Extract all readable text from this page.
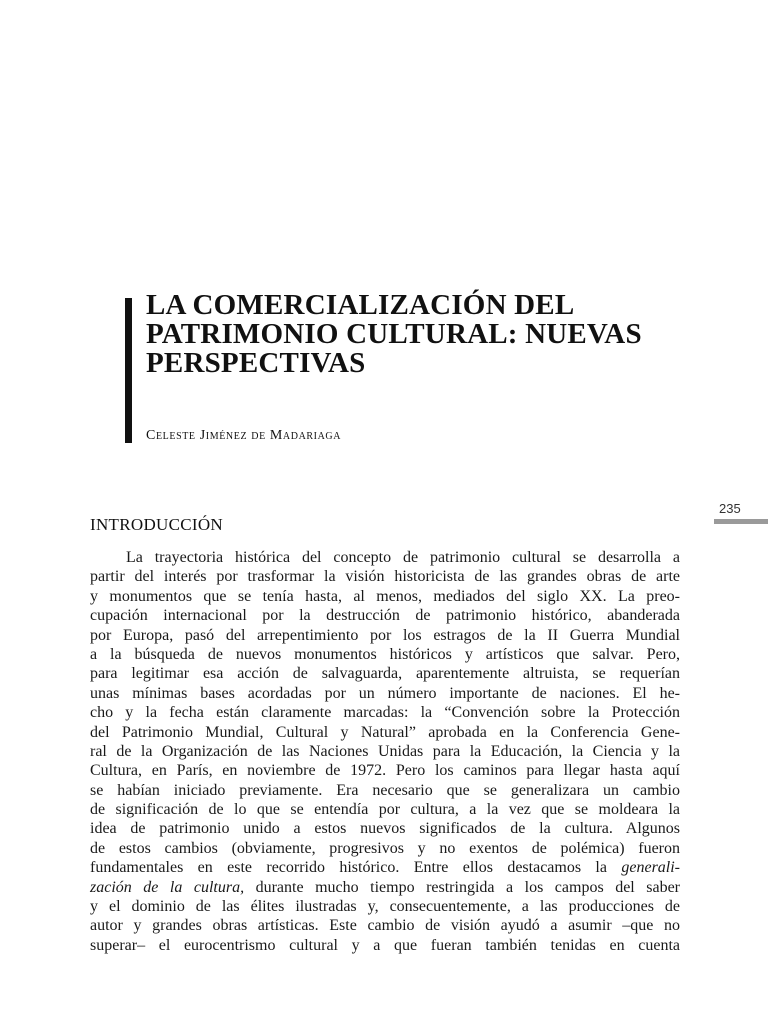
LA COMERCIALIZACIÓN DEL
PATRIMONIO CULTURAL: NUEVAS
PERSPECTIVAS
Celeste Jiménez de Madariaga
235
INTRODUCCIÓN
La trayectoria histórica del concepto de patrimonio cultural se desarrolla a
partir del interés por trasformar la visión historicista de las grandes obras de arte
y monumentos que se tenía hasta, al menos, mediados del siglo XX. La preo-
cupación internacional por la destrucción de patrimonio histórico, abanderada
por Europa, pasó del arrepentimiento por los estragos de la II Guerra Mundial
a la búsqueda de nuevos monumentos históricos y artísticos que salvar. Pero,
para legitimar esa acción de salvaguarda, aparentemente altruista, se requerían
unas mínimas bases acordadas por un número importante de naciones. El he-
cho y la fecha están claramente marcadas: la “Convención sobre la Protección
del Patrimonio Mundial, Cultural y Natural” aprobada en la Conferencia Gene-
ral de la Organización de las Naciones Unidas para la Educación, la Ciencia y la
Cultura, en París, en noviembre de 1972. Pero los caminos para llegar hasta aquí
se habían iniciado previamente. Era necesario que se generalizara un cambio
de significación de lo que se entendía por cultura, a la vez que se moldeara la
idea de patrimonio unido a estos nuevos significados de la cultura. Algunos
de estos cambios (obviamente, progresivos y no exentos de polémica) fueron
fundamentales en este recorrido histórico. Entre ellos destacamos la generali-
zación de la cultura, durante mucho tiempo restringida a los campos del saber
y el dominio de las élites ilustradas y, consecuentemente, a las producciones de
autor y grandes obras artísticas. Este cambio de visión ayudó a asumir –que no
superar– el eurocentrismo cultural y a que fueran también tenidas en cuenta
